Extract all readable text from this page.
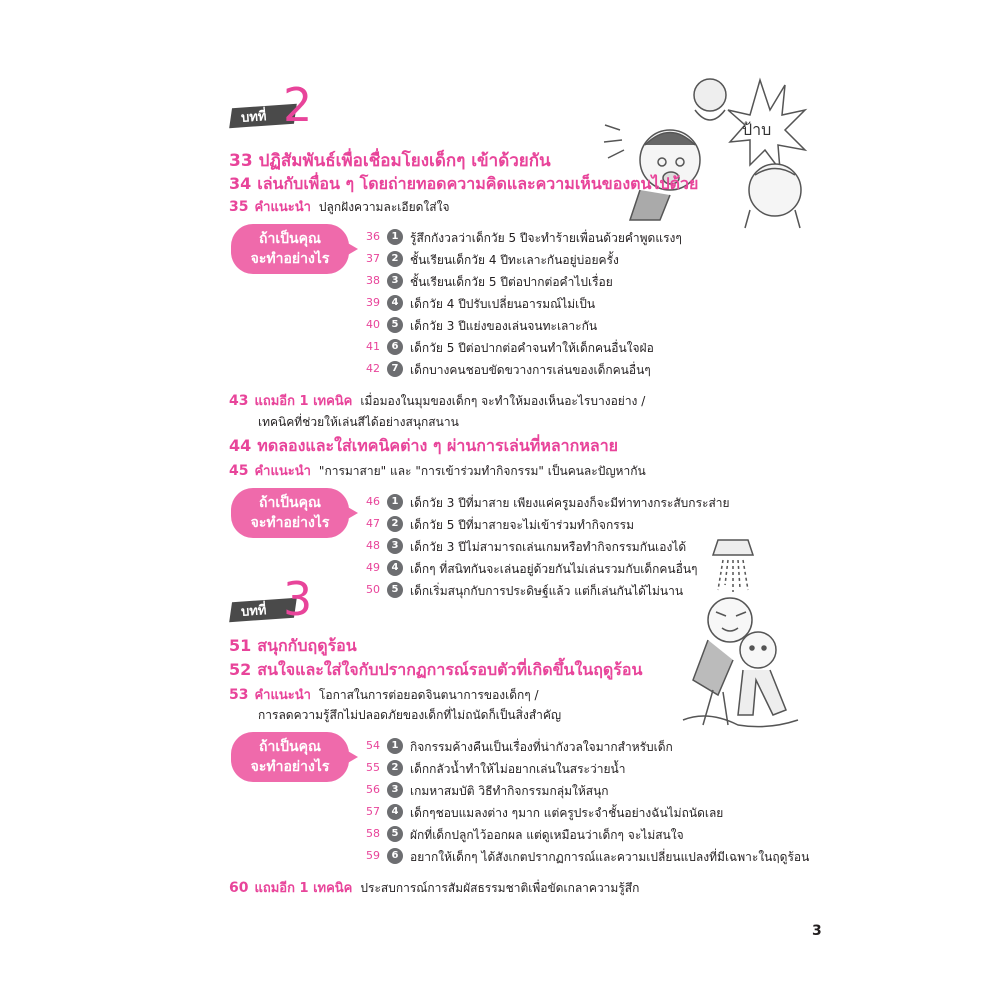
ป้าบ
บทที่ 2
33 ปฏิสัมพันธ์เพื่อเชื่อมโยงเด็กๆ เข้าด้วยกัน
34 เล่นกับเพื่อน ๆ โดยถ่ายทอดความคิดและความเห็นของตนไปด้วย
35 คำแนะนำ ปลูกฝังความละเอียดใส่ใจ
ถ้าเป็นคุณ
จะทำอย่างไร
36	1 รู้สึกกังวลว่าเด็กวัย 5 ปีจะทำร้ายเพื่อนด้วยคำพูดแรงๆ
37	2 ชั้นเรียนเด็กวัย 4 ปีทะเลาะกันอยู่บ่อยครั้ง
38	3 ชั้นเรียนเด็กวัย 5 ปีต่อปากต่อคำไปเรื่อย
39	4 เด็กวัย 4 ปีปรับเปลี่ยนอารมณ์ไม่เป็น
40	5 เด็กวัย 3 ปีแย่งของเล่นจนทะเลาะกัน
41	6 เด็กวัย 5 ปีต่อปากต่อคำจนทำให้เด็กคนอื่นใจฝ่อ
42	7 เด็กบางคนชอบขัดขวางการเล่นของเด็กคนอื่นๆ
43 แถมอีก 1 เทคนิค เมื่อมองในมุมของเด็กๆ จะทำให้มองเห็นอะไรบางอย่าง /
เทคนิคที่ช่วยให้เล่นสีได้อย่างสนุกสนาน
44 ทดลองและใส่เทคนิคต่าง ๆ ผ่านการเล่นที่หลากหลาย
45 คำแนะนำ "การมาสาย" และ "การเข้าร่วมทำกิจกรรม" เป็นคนละปัญหากัน
ถ้าเป็นคุณ
จะทำอย่างไร
46	1 เด็กวัย 3 ปีที่มาสาย เพียงแค่ครูมองก็จะมีท่าทางกระสับกระส่าย
47	2 เด็กวัย 5 ปีที่มาสายจะไม่เข้าร่วมทำกิจกรรม
48	3 เด็กวัย 3 ปีไม่สามารถเล่นเกมหรือทำกิจกรรมกันเองได้
49	4 เด็กๆ ที่สนิทกันจะเล่นอยู่ด้วยกันไม่เล่นรวมกับเด็กคนอื่นๆ
50	5 เด็กเริ่มสนุกกับการประดิษฐ์แล้ว แต่ก็เล่นกันได้ไม่นาน
บทที่ 3
51 สนุกกับฤดูร้อน
52 สนใจและใส่ใจกับปรากฏการณ์รอบตัวที่เกิดขึ้นในฤดูร้อน
53 คำแนะนำ โอกาสในการต่อยอดจินตนาการของเด็กๆ /
การลดความรู้สึกไม่ปลอดภัยของเด็กที่ไม่ถนัดก็เป็นสิ่งสำคัญ
ถ้าเป็นคุณ
จะทำอย่างไร
54	1 กิจกรรมค้างคืนเป็นเรื่องที่น่ากังวลใจมากสำหรับเด็ก
55	2 เด็กกลัวน้ำทำให้ไม่อยากเล่นในสระว่ายน้ำ
56	3 เกมหาสมบัติ วิธีทำกิจกรรมกลุ่มให้สนุก
57	4 เด็กๆชอบแมลงต่าง ๆมาก แต่ครูประจำชั้นอย่างฉันไม่ถนัดเลย
58	5 ผักที่เด็กปลูกไว้ออกผล แต่ดูเหมือนว่าเด็กๆ จะไม่สนใจ
59	6 อยากให้เด็กๆ ได้สังเกตปรากฏการณ์และความเปลี่ยนแปลงที่มีเฉพาะในฤดูร้อน
60 แถมอีก 1 เทคนิค ประสบการณ์การสัมผัสธรรมชาติเพื่อขัดเกลาความรู้สึก
3
